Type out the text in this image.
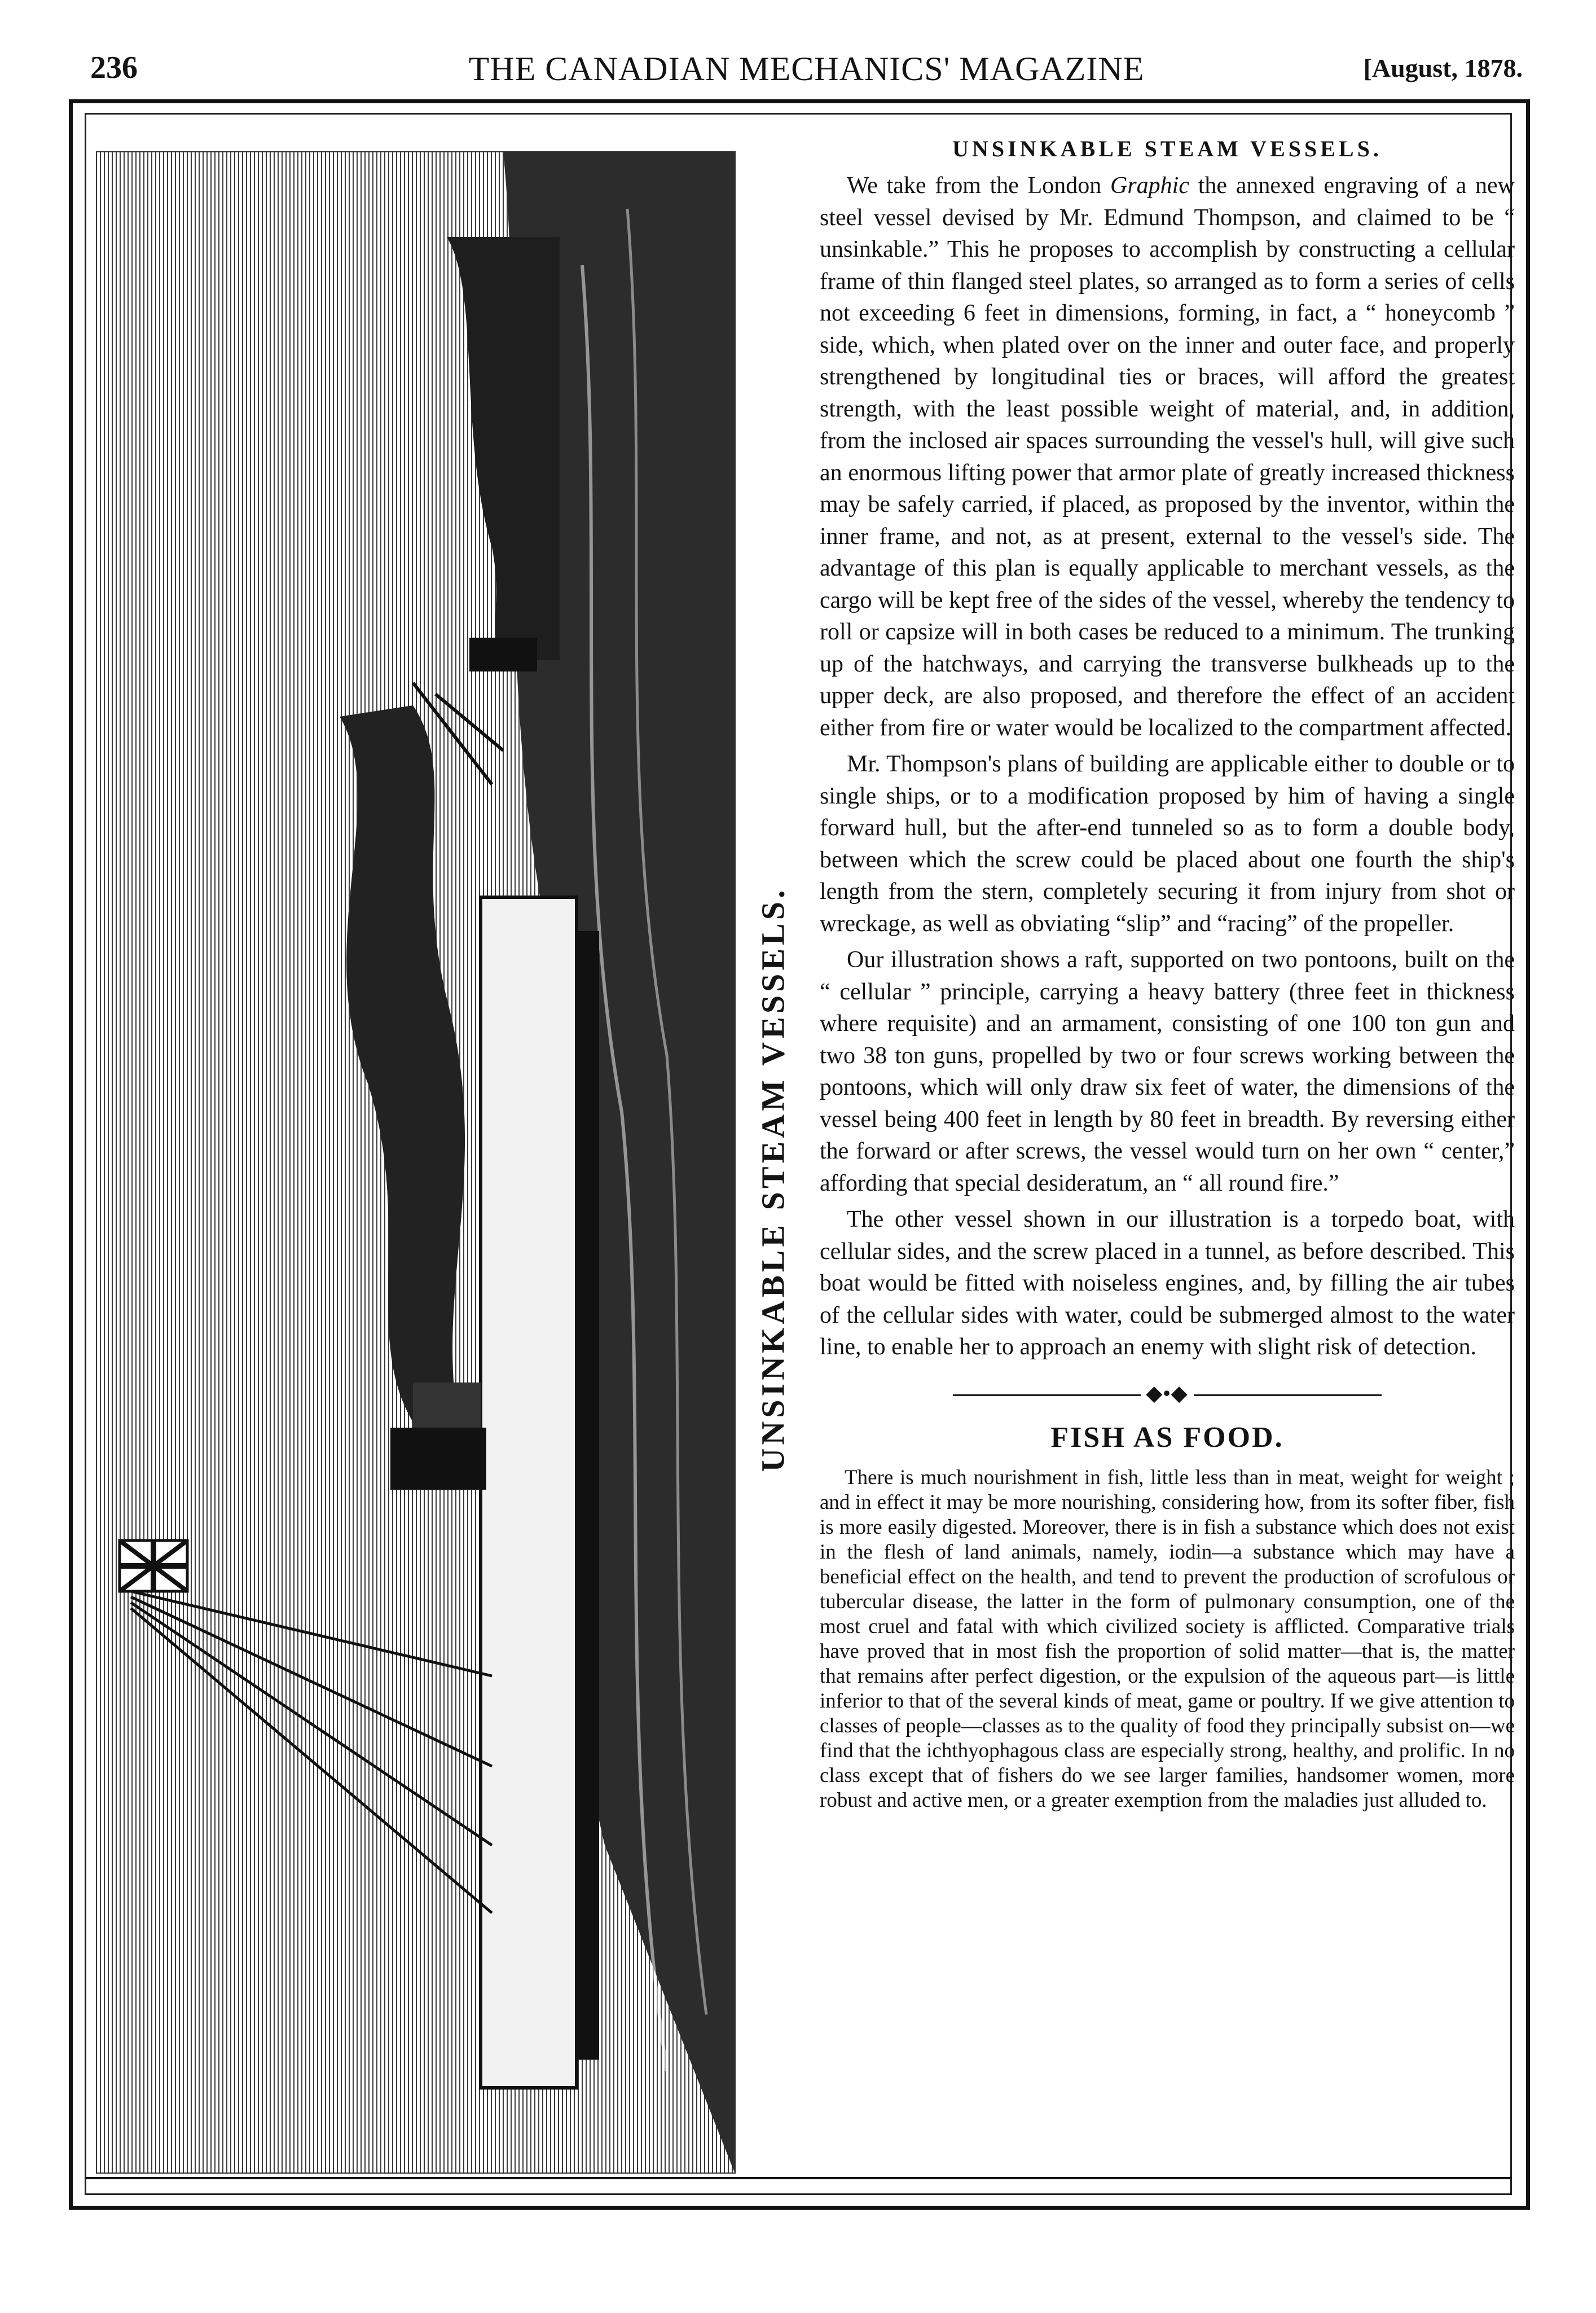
236	THE CANADIAN MECHANICS' MAGAZINE	[August, 1878.
UNSINKABLE STEAM VESSELS.
UNSINKABLE STEAM VESSELS.

We take from the London Graphic the annexed engraving of a new steel vessel devised by Mr. Edmund Thompson, and claimed to be “ unsinkable.” This he proposes to accomplish by constructing a cellular frame of thin flanged steel plates, so arranged as to form a series of cells not exceeding 6 feet in dimensions, forming, in fact, a “ honeycomb ” side, which, when plated over on the inner and outer face, and properly strengthened by longitudinal ties or braces, will afford the greatest strength, with the least possible weight of material, and, in addition, from the inclosed air spaces surrounding the vessel's hull, will give such an enormous lifting power that armor plate of greatly increased thickness may be safely carried, if placed, as proposed by the inventor, within the inner frame, and not, as at present, external to the vessel's side. The advantage of this plan is equally applicable to merchant vessels, as the cargo will be kept free of the sides of the vessel, whereby the tendency to roll or capsize will in both cases be reduced to a minimum. The trunking up of the hatchways, and carrying the transverse bulkheads up to the upper deck, are also proposed, and therefore the effect of an accident either from fire or water would be localized to the compartment affected.

Mr. Thompson's plans of building are applicable either to double or to single ships, or to a modification proposed by him of having a single forward hull, but the after-end tunneled so as to form a double body, between which the screw could be placed about one fourth the ship's length from the stern, completely securing it from injury from shot or wreckage, as well as obviating “slip” and “racing” of the propeller.

Our illustration shows a raft, supported on two pontoons, built on the “ cellular ” principle, carrying a heavy battery (three feet in thickness where requisite) and an armament, consisting of one 100 ton gun and two 38 ton guns, propelled by two or four screws working between the pontoons, which will only draw six feet of water, the dimensions of the vessel being 400 feet in length by 80 feet in breadth. By reversing either the forward or after screws, the vessel would turn on her own “ center,” affording that special desideratum, an “ all round fire.”

The other vessel shown in our illustration is a torpedo boat, with cellular sides, and the screw placed in a tunnel, as before described. This boat would be fitted with noiseless engines, and, by filling the air tubes of the cellular sides with water, could be submerged almost to the water line, to enable her to approach an enemy with slight risk of detection.

◆•◆
FISH AS FOOD.

There is much nourishment in fish, little less than in meat, weight for weight ; and in effect it may be more nourishing, considering how, from its softer fiber, fish is more easily digested. Moreover, there is in fish a substance which does not exist in the flesh of land animals, namely, iodin—a substance which may have a beneficial effect on the health, and tend to prevent the production of scrofulous or tubercular disease, the latter in the form of pulmonary consumption, one of the most cruel and fatal with which civilized society is afflicted. Comparative trials have proved that in most fish the proportion of solid matter—that is, the matter that remains after perfect digestion, or the expulsion of the aqueous part—is little inferior to that of the several kinds of meat, game or poultry. If we give attention to classes of people—classes as to the quality of food they principally subsist on—we find that the ichthyophagous class are especially strong, healthy, and prolific. In no class except that of fishers do we see larger families, handsomer women, more robust and active men, or a greater exemption from the maladies just alluded to.
